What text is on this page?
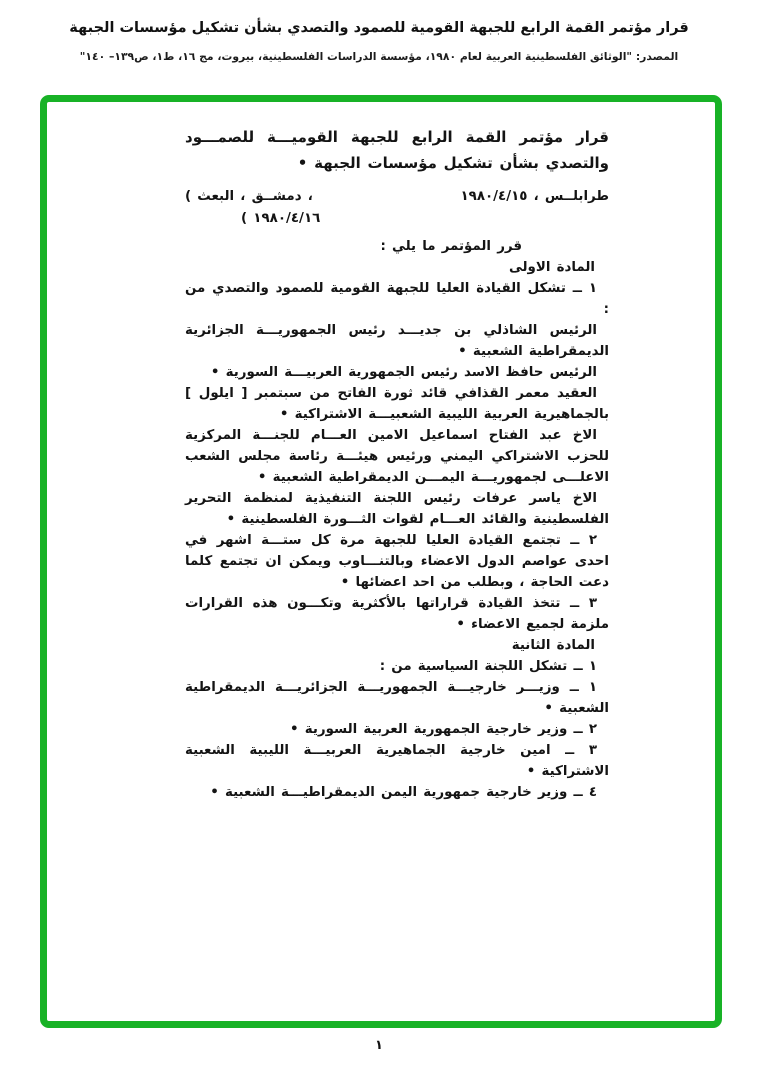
قرار مؤتمر القمة الرابع للجبهة القومية للصمود والتصدي بشأن تشكيل مؤسسات الجبهة
المصدر: "الوثائق الفلسطينية العربية لعام ١٩٨٠، مؤسسة الدراسات الفلسطينية، بيروت، مج ١٦، ط١، ص١٣٩– ١٤٠"

قرار مؤتمر القمة الرابع للجبهة القوميـــة للصمـــود والتصدي بشأن تشكيل مؤسسات الجبهة •

طرابلــس ، ١٩٨٠/٤/١٥
( البعث ، دمشــق ،
( ١٩٨٠/٤/١٦

قرر المؤتمر ما يلي :

المادة الاولى

١ ــ تشكل القيادة العليا للجبهة القومية للصمود والتصدي من :

الرئيس الشاذلي بن جديـــد رئيس الجمهوريـــة الجزائرية الديمقراطية الشعبية •

الرئيس حافظ الاسد رئيس الجمهورية العربيـــة السورية •

العقيد معمر القذافي قائد ثورة الفاتح من سبتمبر [ ايلول ] بالجماهيرية العربية الليبية الشعبيـــة الاشتراكية •

الاخ عبد الفتاح اسماعيل الامين العـــام للجنـــة المركزية للحزب الاشتراكي اليمني ورئيس هيئـــة رئاسة مجلس الشعب الاعلـــى لجمهوريـــة اليمـــن الديمقراطية الشعبية •

الاخ ياسر عرفات رئيس اللجنة التنفيذية لمنظمة التحرير الفلسطينية والقائد العـــام لقوات الثـــورة الفلسطينية •

٢ ــ تجتمع القيادة العليا للجبهة مرة كل ستـــة اشهر في احدى عواصم الدول الاعضاء وبالتنـــاوب ويمكن ان تجتمع كلما دعت الحاجة ، وبطلب من احد اعضائها •

٣ ــ تتخذ القيادة قراراتها بالأكثرية وتكـــون هذه القرارات ملزمة لجميع الاعضاء •

المادة الثانية

١ ــ تشكل اللجنة السياسية من :

١ ــ وزيـــر خارجيـــة الجمهوريـــة الجزائريـــة الديمقراطية الشعبية •

٢ ــ وزير خارجية الجمهورية العربية السورية •

٣ ــ امين خارجية الجماهيرية العربيـــة الليبية الشعبية الاشتراكية •

٤ ــ وزير خارجية جمهورية اليمن الديمقراطيـــة الشعبية •

١
